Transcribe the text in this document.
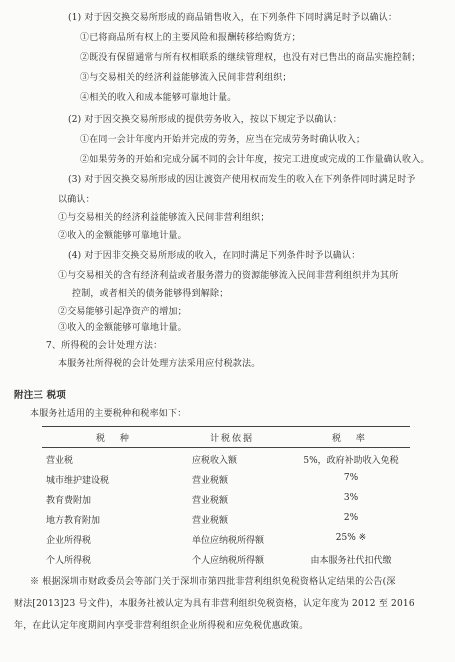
(1) 对于因交换交易所形成的商品销售收入，在下列条件下同时满足时予以确认：
①已将商品所有权上的主要风险和报酬转移给购货方；
②既没有保留通常与所有权相联系的继续管理权，也没有对已售出的商品实施控制；
③与交易相关的经济利益能够流入民间非营利组织；
④相关的收入和成本能够可靠地计量。
(2) 对于因交换交易所形成的提供劳务收入，按以下规定予以确认：
①在同一会计年度内开始并完成的劳务，应当在完成劳务时确认收入；
②如果劳务的开始和完成分属不同的会计年度，按完工进度或完成的工作量确认收入。
(3) 对于因交换交易所形成的因让渡资产使用权而发生的收入在下列条件同时满足时予
以确认：
①与交易相关的经济利益能够流入民间非营利组织；
②收入的金额能够可靠地计量。
(4) 对于因非交换交易所形成的收入，在同时满足下列条件时予以确认：
①与交易相关的含有经济利益或者服务潜力的资源能够流入民间非营利组织并为其所
控制，或者相关的债务能够得到解除；
②交易能够引起净资产的增加；
③收入的金额能够可靠地计量。
7、所得税的会计处理方法：
本服务社所得税的会计处理方法采用应付税款法。
附注三 税项
本服务社适用的主要税种和税率如下：
税 种	计税依据	税 率
营业税	应税收入额	5%，政府补助收入免税
城市维护建设税	营业税额	7%
教育费附加	营业税额	3%
地方教育附加	营业税额	2%
企业所得税	单位应纳税所得额	25% ※
个人所得税	个人应纳税所得额	由本服务社代扣代缴
※ 根据深圳市财政委员会等部门关于深圳市第四批非营利组织免税资格认定结果的公告(深
财法[2013]23 号文件)，本服务社被认定为具有非营利组织免税资格，认定年度为 2012 至 2016
年，在此认定年度期间内享受非营利组织企业所得税和应免税优惠政策。
